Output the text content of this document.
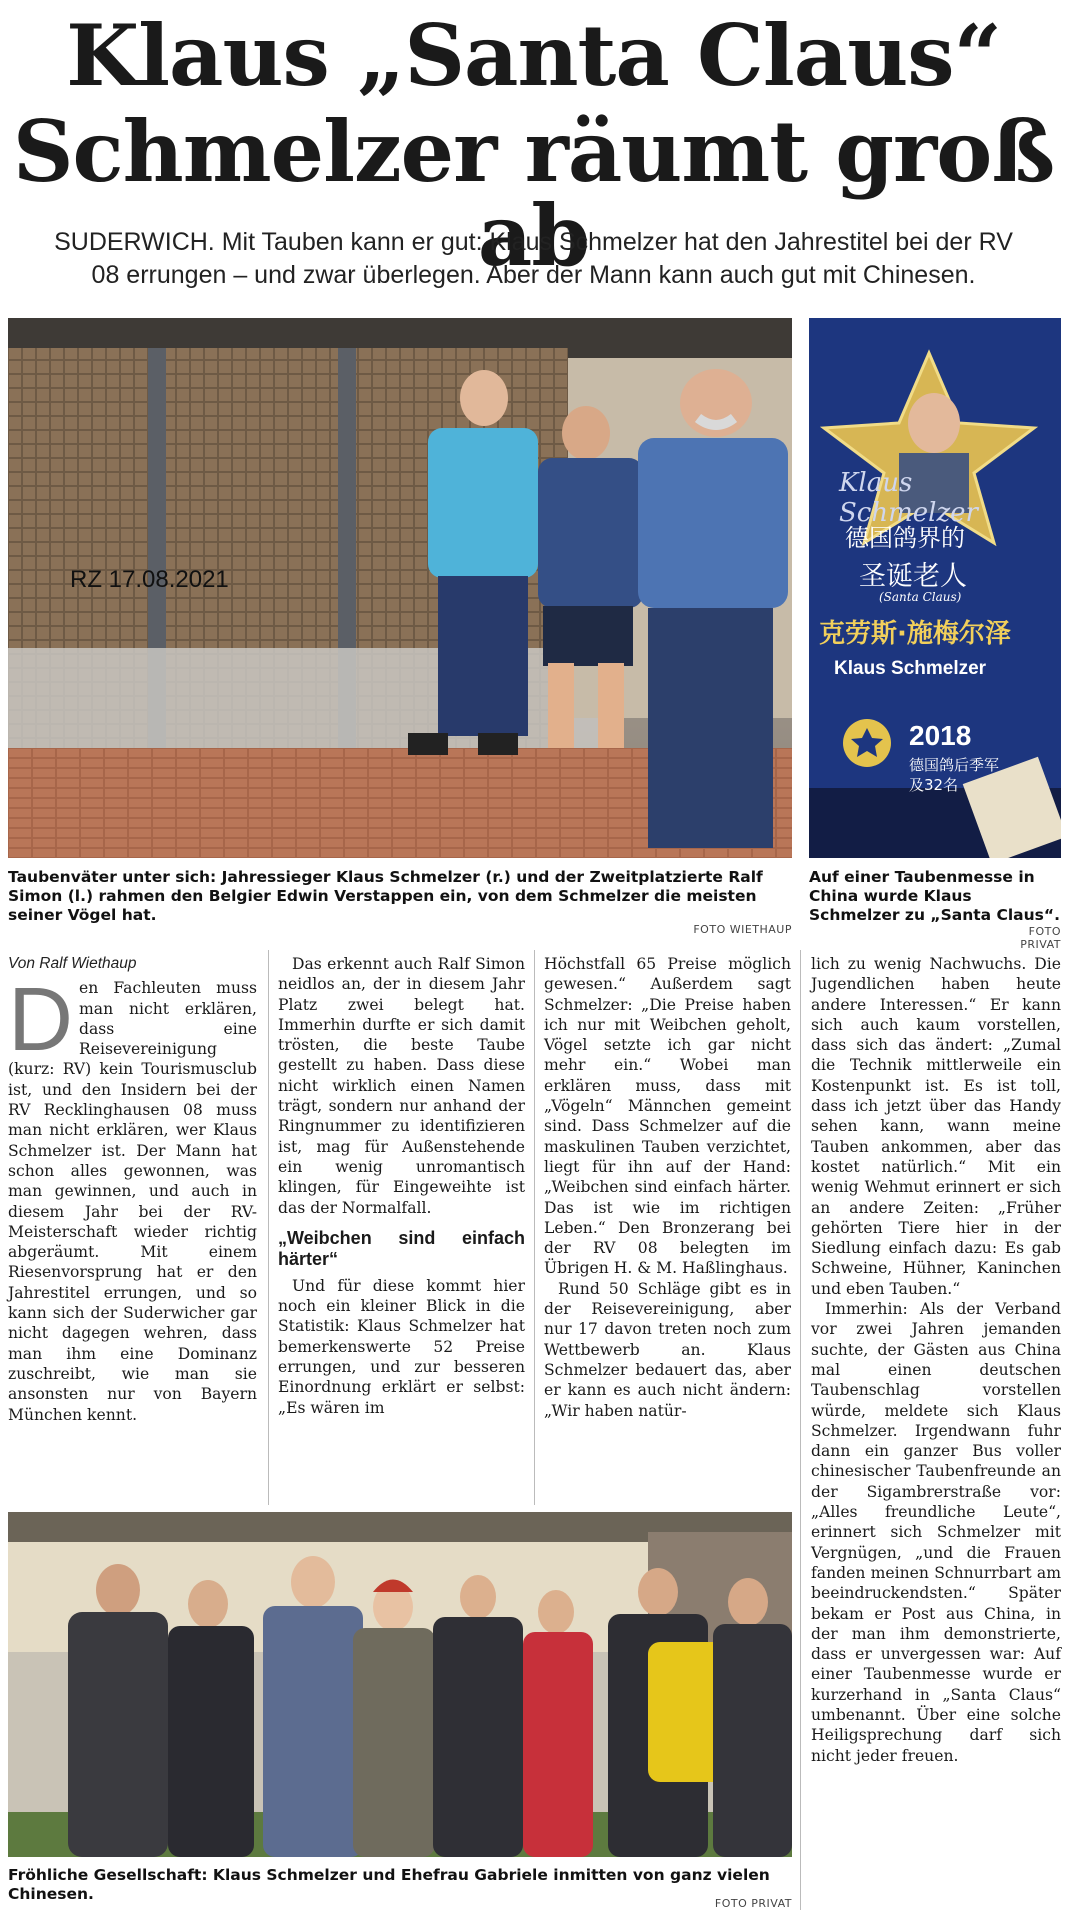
Klaus „Santa Claus“
Schmelzer räumt groß ab
SUDERWICH. Mit Tauben kann er gut: Klaus Schmelzer hat den Jahrestitel bei der RV
08 errungen – und zwar überlegen. Aber der Mann kann auch gut mit Chinesen.
RZ 17.08.2021
Klaus Schmelzer
德国鸽界的
圣诞老人
(Santa Claus)
克劳斯·施梅尔泽
Klaus Schmelzer
2018
德国鸽后季军
及32名
Taubenväter unter sich: Jahressieger Klaus Schmelzer (r.) und der Zweitplatzierte Ralf Simon (l.) rahmen den Belgier Edwin Verstappen ein, von dem Schmelzer die meisten seiner Vögel hat.
FOTO WIETHAUP
Auf einer Taubenmesse in China wurde Klaus Schmelzer zu „Santa Claus“.
FOTO PRIVAT
Von Ralf Wiethaup
D en Fachleuten muss man nicht erklären, dass eine Reisevereinigung (kurz: RV) kein Tourismusclub ist, und den Insidern bei der RV Recklinghausen 08 muss man nicht erklären, wer Klaus Schmelzer ist. Der Mann hat schon alles gewonnen, was man gewinnen, und auch in diesem Jahr bei der RV-Meisterschaft wieder richtig abgeräumt. Mit einem Riesenvorsprung hat er den Jahrestitel errungen, und so kann sich der Suderwicher gar nicht dagegen wehren, dass man ihm eine Dominanz zuschreibt, wie man sie ansonsten nur von Bayern München kennt.

Das erkennt auch Ralf Simon neidlos an, der in diesem Jahr Platz zwei belegt hat. Immerhin durfte er sich damit trösten, die beste Taube gestellt zu haben. Dass diese nicht wirklich einen Namen trägt, sondern nur anhand der Ringnummer zu identifizieren ist, mag für Außenstehende ein wenig unromantisch klingen, für Eingeweihte ist das der Normalfall.

„Weibchen sind einfach härter“

Und für diese kommt hier noch ein kleiner Blick in die Statistik: Klaus Schmelzer hat bemerkenswerte 52 Preise errungen, und zur besseren Einordnung erklärt er selbst: „Es wären im

Höchstfall 65 Preise möglich gewesen.“ Außerdem sagt Schmelzer: „Die Preise haben ich nur mit Weibchen geholt, Vögel setzte ich gar nicht mehr ein.“ Wobei man erklären muss, dass mit „Vögeln“ Männchen gemeint sind. Dass Schmelzer auf die maskulinen Tauben verzichtet, liegt für ihn auf der Hand: „Weibchen sind einfach härter. Das ist wie im richtigen Leben.“ Den Bronzerang bei der RV 08 belegten im Übrigen H. & M. Haßlinghaus.

Rund 50 Schläge gibt es in der Reisevereinigung, aber nur 17 davon treten noch zum Wettbewerb an. Klaus Schmelzer bedauert das, aber er kann es auch nicht ändern: „Wir haben natür-

lich zu wenig Nachwuchs. Die Jugendlichen haben heute andere Interessen.“ Er kann sich auch kaum vorstellen, dass sich das ändert: „Zumal die Technik mittlerweile ein Kostenpunkt ist. Es ist toll, dass ich jetzt über das Handy sehen kann, wann meine Tauben ankommen, aber das kostet natürlich.“ Mit ein wenig Wehmut erinnert er sich an andere Zeiten: „Früher gehörten Tiere hier in der Siedlung einfach dazu: Es gab Schweine, Hühner, Kaninchen und eben Tauben.“

Immerhin: Als der Verband vor zwei Jahren jemanden suchte, der Gästen aus China mal einen deutschen Taubenschlag vorstellen würde, meldete sich Klaus Schmelzer. Irgendwann fuhr dann ein ganzer Bus voller chinesischer Taubenfreunde an der Sigambrerstraße vor: „Alles freundliche Leute“, erinnert sich Schmelzer mit Vergnügen, „und die Frauen fanden meinen Schnurrbart am beeindruckendsten.“ Später bekam er Post aus China, in der man ihm demonstrierte, dass er unvergessen war: Auf einer Taubenmesse wurde er kurzerhand in „Santa Claus“ umbenannt. Über eine solche Heiligsprechung darf sich nicht jeder freuen.

Fröhliche Gesellschaft: Klaus Schmelzer und Ehefrau Gabriele inmitten von ganz vielen Chinesen.
FOTO PRIVAT
